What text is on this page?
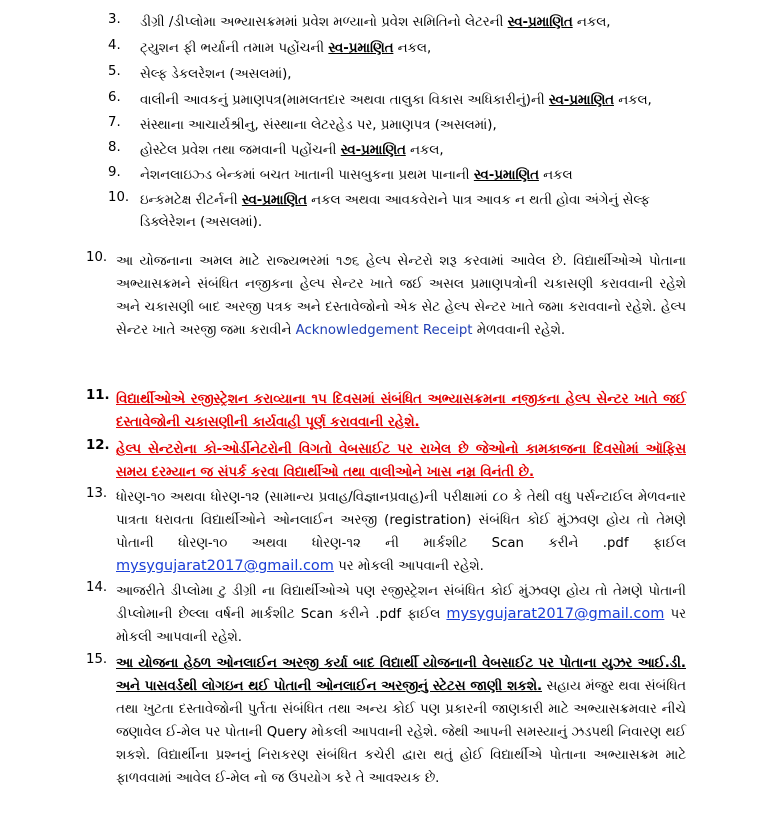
3.	ડીગ્રી /ડીપ્લોમા અભ્યાસક્રમમાં પ્રવેશ મળ્યાનો પ્રવેશ સમિતિનો લેટરની સ્વ-પ્રમાણિત નકલ,
4.	ટ્યુશન ફી ભર્યાની તમામ પહોંચની સ્વ-પ્રમાણિત નકલ,
5.	સેલ્ફ ડેકલરેશન (અસલમાં),
6.	વાલીની આવકનું પ્રમાણપત્ર(મામલતદાર અથવા તાલુકા વિકાસ અધિકારીનું)ની સ્વ-પ્રમાણિત નકલ,
7.	સંસ્થાના આચાર્યશ્રીનુ, સંસ્થાના લેટરહેડ પર, પ્રમાણપત્ર (અસલમાં),
8.	હોસ્ટેલ પ્રવેશ તથા જમવાની પહોંચની સ્વ-પ્રમાણિત નકલ,
9.	નેશનલાઇઝ્ડ બેન્કમાં બચત ખાતાની પાસબુકના પ્રથમ પાનાની સ્વ-પ્રમાણિત નકલ
10. ઇન્કમટેક્ષ રીટર્નની સ્વ-પ્રમાણિત નકલ અથવા આવકવેરાને પાત્ર આવક ન થતી હોવા અંગેનું સેલ્ફ ડિક્લેરેશન (અસલમાં).
10. આ યોજનાના અમલ માટે રાજ્યભરમાં ૧૭૬ હેલ્પ સેન્ટરો શરૂ કરવામાં આવેલ છે. વિદ્યાર્થીઓએ પોતાના અભ્યાસક્રમને સંબંધિત નજીકના હેલ્પ સેન્ટર ખાતે જઈ અસલ પ્રમાણપત્રોની ચકાસણી કરાવવાની રહેશે અને ચકાસણી બાદ અરજી પત્રક અને દસ્તાવેજોનો એક સેટ હેલ્પ સેન્ટર ખાતે જમા કરાવવાનો રહેશે. હેલ્પ સેન્ટર ખાતે અરજી જમા કરાવીને Acknowledgement Receipt મેળવવાની રહેશે.
11. વિદ્યાર્થીઓએ રજીસ્ટ્રેશન કરાવ્યાના ૧૫ દિવસમાં સંબંધિત અભ્યાસક્રમના નજીકના હેલ્પ સેન્ટર ખાતે જઈ દસ્તાવેજોની ચકાસણીની કાર્યવાહી પૂર્ણ કરાવવાની રહેશે.
12. હેલ્પ સેન્ટરોના કો-ઓર્ડીનેટરોની વિગતો વેબસાઈટ પર રાખેલ છે જેઓનો કામકાજના દિવસોમાં ઑફિસ સમય દરમ્યાન જ સંપર્ક કરવા વિદ્યાર્થીઓ તથા વાલીઓને ખાસ નમ્ર વિનંતી છે.
13. ધોરણ-૧૦ અથવા ધોરણ-૧૨ (સામાન્ય પ્રવાહ/વિજ્ઞાનપ્રવાહ)ની પરીક્ષામાં ૮૦ કે તેથી વધુ પર્સન્ટાઈલ મેળવનાર પાત્રતા ધરાવતા વિદ્યાર્થીઓને ઓનલાઈન અરજી (registration) સંબંધિત કોઈ મુંઝવણ હોય તો તેમણે પોતાની ધોરણ-૧૦ અથવા ધોરણ-૧૨ ની માર્કશીટ Scan કરીને .pdf ફાઈલ mysygujarat2017@gmail.com પર મોકલી આપવાની રહેશે.
14. આજરીતે ડીપ્લોમા ટુ ડીગ્રી ના વિદ્યાર્થીઓએ પણ રજીસ્ટ્રેશન સંબંધિત કોઈ મુંઝવણ હોય તો તેમણે પોતાની ડીપ્લોમાની છેલ્લા વર્ષની માર્કશીટ Scan કરીને .pdf ફાઈલ mysygujarat2017@gmail.com પર મોકલી આપવાની રહેશે.
15. આ યોજના હેઠળ ઓનલાઈન અરજી કર્યા બાદ વિદ્યાર્થી યોજનાની વેબસાઈટ પર પોતાના યુઝર આઈ.ડી. અને પાસવર્ડથી લોગઇન થઈ પોતાની ઓનલાઈન અરજીનું સ્ટેટસ જાણી શકશે. સહાય મંજુર થવા સંબંધિત તથા ખુટતા દસ્તાવેજોની પુર્તતા સંબંધિત તથા અન્ય કોઈ પણ પ્રકારની જાણકારી માટે અભ્યાસક્રમવાર નીચે જણાવેલ ઈ-મેલ પર પોતાની Query મોકલી આપવાની રહેશે. જેથી આપની સમસ્યાનું ઝડપથી નિવારણ થઈ શકશે. વિદ્યાર્થીના પ્રશ્નનું નિરાકરણ સંબંધિત કચેરી દ્વારા થતું હોઈ વિદ્યાર્થીએ પોતાના અભ્યાસક્રમ માટે ફાળવવામાં આવેલ ઈ-મેલ નો જ ઉપયોગ કરે તે આવશ્યક છે.
